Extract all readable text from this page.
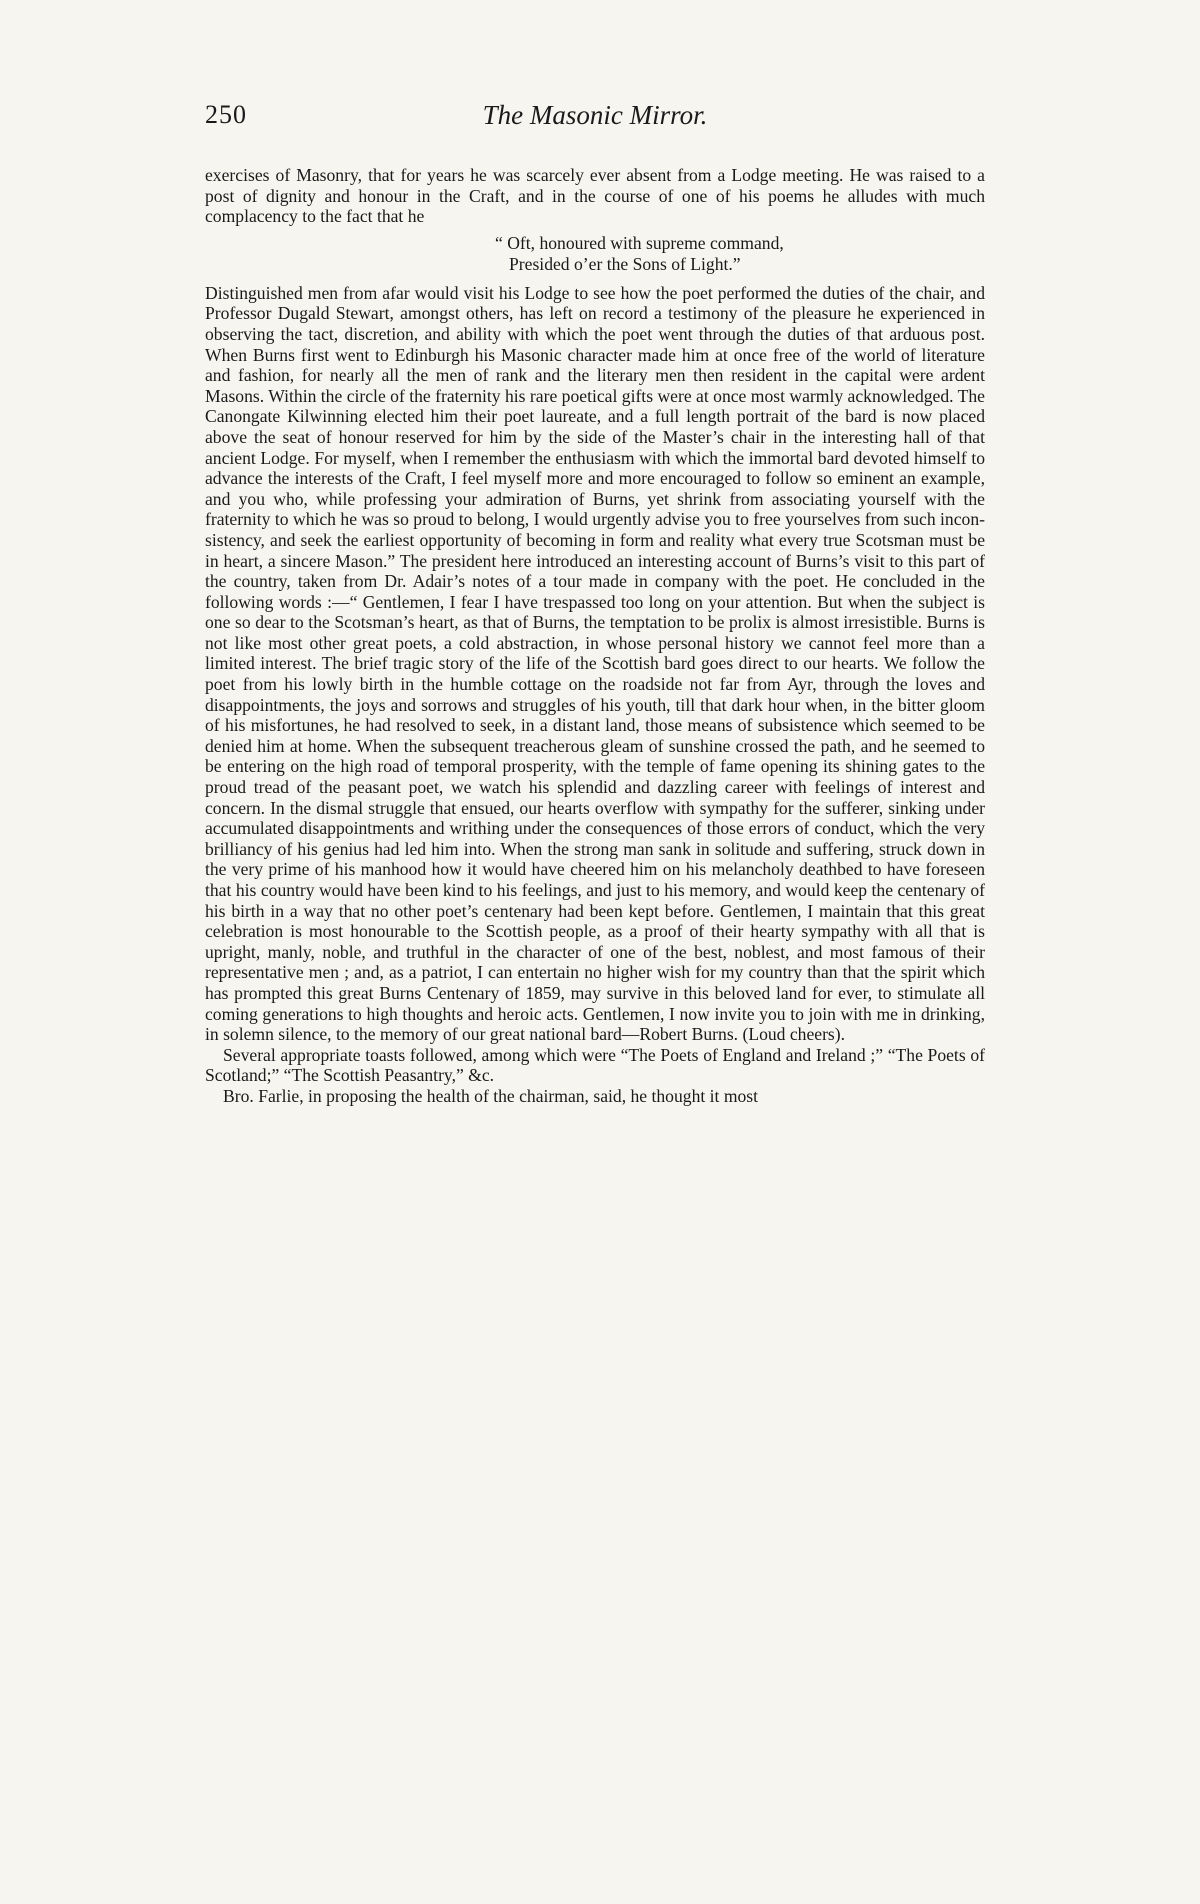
250	The Masonic Mirror.

exercises of Masonry, that for years he was scarcely ever absent from a Lodge meeting. He was raised to a post of dignity and honour in the Craft, and in the course of one of his poems he alludes with much complacency to the fact that he

“ Oft, honoured with supreme command,
Presided o’er the Sons of Light.”

Distinguished men from afar would visit his Lodge to see how the poet performed the duties of the chair, and Professor Dugald Stewart, amongst others, has left on record a testimony of the pleasure he experienced in observing the tact, discretion, and ability with which the poet went through the duties of that arduous post. When Burns first went to Edinburgh his Masonic character made him at once free of the world of literature and fashion, for nearly all the men of rank and the literary men then resident in the capital were ardent Masons. Within the circle of the fraternity his rare poetical gifts were at once most warmly acknowledged. The Canongate Kilwinning elected him their poet laureate, and a full length portrait of the bard is now placed above the seat of honour reserved for him by the side of the Master’s chair in the interesting hall of that ancient Lodge. For myself, when I remember the enthusiasm with which the immortal bard devoted himself to advance the interests of the Craft, I feel myself more and more encouraged to follow so eminent an example, and you who, while professing your admiration of Burns, yet shrink from associating yourself with the fraternity to which he was so proud to belong, I would urgently advise you to free yourselves from such inconsistency, and seek the earliest opportunity of becoming in form and reality what every true Scotsman must be in heart, a sincere Mason.” The president here introduced an interesting account of Burns’s visit to this part of the country, taken from Dr. Adair’s notes of a tour made in company with the poet. He concluded in the following words :—“ Gentlemen, I fear I have trespassed too long on your attention. But when the subject is one so dear to the Scotsman’s heart, as that of Burns, the temptation to be prolix is almost irresistible. Burns is not like most other great poets, a cold abstraction, in whose personal history we cannot feel more than a limited interest. The brief tragic story of the life of the Scottish bard goes direct to our hearts. We follow the poet from his lowly birth in the humble cottage on the roadside not far from Ayr, through the loves and disappointments, the joys and sorrows and struggles of his youth, till that dark hour when, in the bitter gloom of his misfortunes, he had resolved to seek, in a distant land, those means of subsistence which seemed to be denied him at home. When the subsequent treacherous gleam of sunshine crossed the path, and he seemed to be entering on the high road of temporal prosperity, with the temple of fame opening its shining gates to the proud tread of the peasant poet, we watch his splendid and dazzling career with feelings of interest and concern. In the dismal struggle that ensued, our hearts overflow with sympathy for the sufferer, sinking under accumulated disappointments and writhing under the consequences of those errors of conduct, which the very brilliancy of his genius had led him into. When the strong man sank in solitude and suffering, struck down in the very prime of his manhood how it would have cheered him on his melancholy deathbed to have foreseen that his country would have been kind to his feelings, and just to his memory, and would keep the centenary of his birth in a way that no other poet’s centenary had been kept before. Gentlemen, I maintain that this great celebration is most honourable to the Scottish people, as a proof of their hearty sympathy with all that is upright, manly, noble, and truthful in the character of one of the best, noblest, and most famous of their representative men ; and, as a patriot, I can entertain no higher wish for my country than that the spirit which has prompted this great Burns Centenary of 1859, may survive in this beloved land for ever, to stimulate all coming generations to high thoughts and heroic acts. Gentlemen, I now invite you to join with me in drinking, in solemn silence, to the memory of our great national bard—Robert Burns. (Loud cheers).

Several appropriate toasts followed, among which were “The Poets of England and Ireland ;” “The Poets of Scotland;” “The Scottish Peasantry,” &c.

Bro. Farlie, in proposing the health of the chairman, said, he thought it most
